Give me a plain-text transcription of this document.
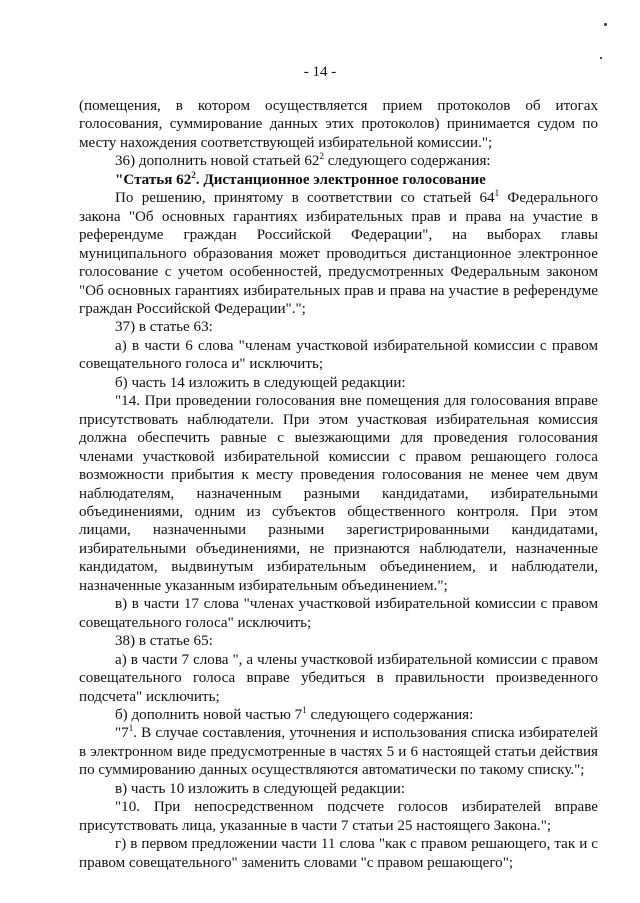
- 14 -

(помещения, в котором осуществляется прием протоколов об итогах голосования, суммирование данных этих протоколов) принимается судом по месту нахождения соответствующей избирательной комиссии.";

36) дополнить новой статьей $62^2$ следующего содержания:

"Статья $62^2$. Дистанционное электронное голосование

По решению, принятому в соответствии со статьей $64^1$ Федерального закона "Об основных гарантиях избирательных прав и права на участие в референдуме граждан Российской Федерации", на выборах главы муниципального образования может проводиться дистанционное электронное голосование с учетом особенностей, предусмотренных Федеральным законом "Об основных гарантиях избирательных прав и права на участие в референдуме граждан Российской Федерации".";

37) в статье 63:

а) в части 6 слова "членам участковой избирательной комиссии с правом совещательного голоса и" исключить;

б) часть 14 изложить в следующей редакции:

"14. При проведении голосования вне помещения для голосования вправе присутствовать наблюдатели. При этом участковая избирательная комиссия должна обеспечить равные с выезжающими для проведения голосования членами участковой избирательной комиссии с правом решающего голоса возможности прибытия к месту проведения голосования не менее чем двум наблюдателям, назначенным разными кандидатами, избирательными объединениями, одним из субъектов общественного контроля. При этом лицами, назначенными разными зарегистрированными кандидатами, избирательными объединениями, не признаются наблюдатели, назначенные кандидатом, выдвинутым избирательным объединением, и наблюдатели, назначенные указанным избирательным объединением.";

в) в части 17 слова "членах участковой избирательной комиссии с правом совещательного голоса" исключить;

38) в статье 65:

а) в части 7 слова ", а члены участковой избирательной комиссии с правом совещательного голоса вправе убедиться в правильности произведенного подсчета" исключить;

б) дополнить новой частью $7^1$ следующего содержания:

"$7^1$. В случае составления, уточнения и использования списка избирателей в электронном виде предусмотренные в частях 5 и 6 настоящей статьи действия по суммированию данных осуществляются автоматически по такому списку.";

в) часть 10 изложить в следующей редакции:

"10. При непосредственном подсчете голосов избирателей вправе присутствовать лица, указанные в части 7 статьи 25 настоящего Закона.";

г) в первом предложении части 11 слова "как с правом решающего, так и с правом совещательного" заменить словами "с правом решающего";
